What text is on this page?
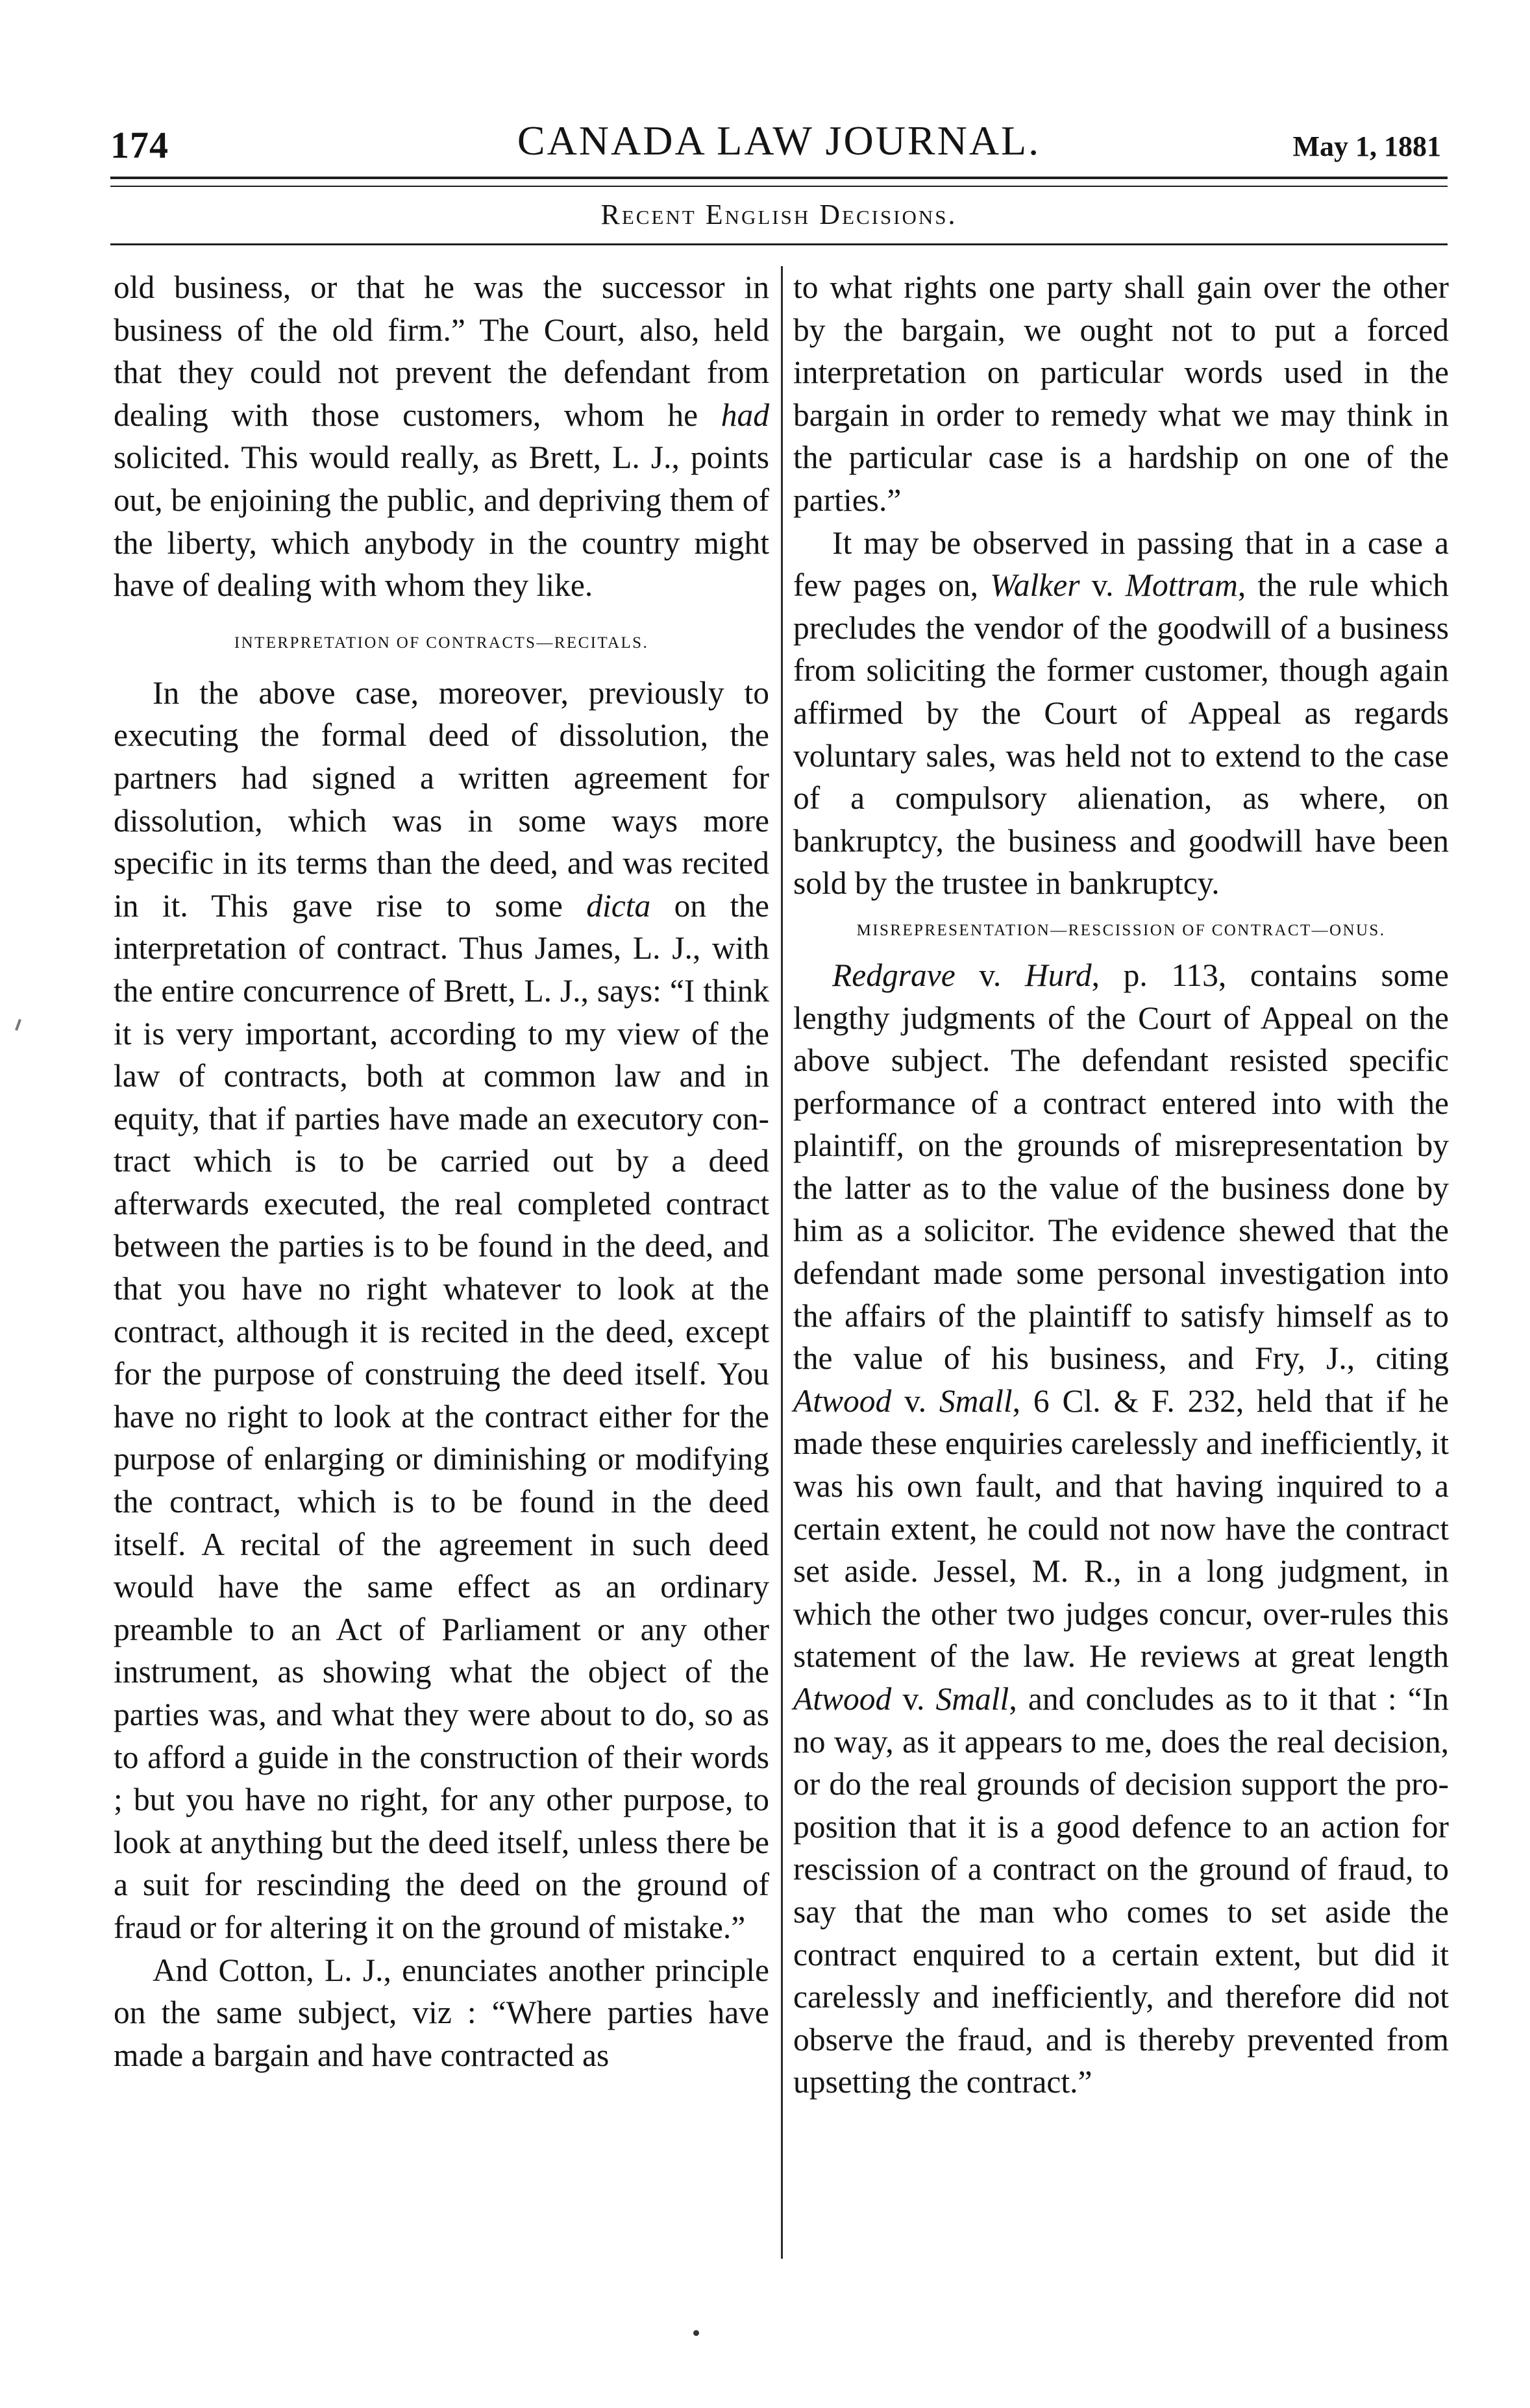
174	CANADA LAW JOURNAL.	May 1, 1881
Recent English Decisions.

old business, or that he was the successor in business of the old firm.” The Court, also, held that they could not prevent the defendant from dealing with those customers, whom he had solicited. This would really, as Brett, L. J., points out, be enjoining the public, and depriving them of the liberty, which anybody in the country might have of dealing with whom they like.

INTERPRETATION OF CONTRACTS—RECITALS.

In the above case, moreover, previously to executing the formal deed of dissolution, the partners had signed a written agreement for dissolution, which was in some ways more specific in its terms than the deed, and was recited in it. This gave rise to some dicta on the interpretation of contract. Thus James, L. J., with the entire concurrence of Brett, L. J., says: “I think it is very important, according to my view of the law of contracts, both at common law and in equity, that if parties have made an executory contract which is to be carried out by a deed afterwards executed, the real completed contract between the parties is to be found in the deed, and that you have no right whatever to look at the contract, although it is recited in the deed, except for the purpose of construing the deed itself. You have no right to look at the contract either for the purpose of enlarging or diminishing or modifying the contract, which is to be found in the deed itself. A recital of the agreement in such deed would have the same effect as an ordinary preamble to an Act of Parliament or any other instrument, as showing what the object of the parties was, and what they were about to do, so as to afford a guide in the construction of their words ; but you have no right, for any other purpose, to look at anything but the deed itself, unless there be a suit for rescinding the deed on the ground of fraud or for altering it on the ground of mistake.”

And Cotton, L. J., enunciates another principle on the same subject, viz : “Where parties have made a bargain and have contracted as

to what rights one party shall gain over the other by the bargain, we ought not to put a forced interpretation on particular words used in the bargain in order to remedy what we may think in the particular case is a hardship on one of the parties.”

It may be observed in passing that in a case a few pages on, Walker v. Mottram, the rule which precludes the vendor of the goodwill of a business from soliciting the former customer, though again affirmed by the Court of Appeal as regards voluntary sales, was held not to extend to the case of a compulsory alienation, as where, on bankruptcy, the business and goodwill have been sold by the trustee in bankruptcy.

MISREPRESENTATION—RESCISSION OF CONTRACT—ONUS.

Redgrave v. Hurd, p. 113, contains some lengthy judgments of the Court of Appeal on the above subject. The defendant resisted specific performance of a contract entered into with the plaintiff, on the grounds of misrepresentation by the latter as to the value of the business done by him as a solicitor. The evidence shewed that the defendant made some personal investigation into the affairs of the plaintiff to satisfy himself as to the value of his business, and Fry, J., citing Atwood v. Small, 6 Cl. & F. 232, held that if he made these enquiries carelessly and inefficiently, it was his own fault, and that having inquired to a certain extent, he could not now have the contract set aside. Jessel, M. R., in a long judgment, in which the other two judges concur, over-rules this statement of the law. He reviews at great length Atwood v. Small, and concludes as to it that : “In no way, as it appears to me, does the real decision, or do the real grounds of decision support the proposition that it is a good defence to an action for rescission of a contract on the ground of fraud, to say that the man who comes to set aside the contract enquired to a certain extent, but did it carelessly and inefficiently, and therefore did not observe the fraud, and is thereby prevented from upsetting the contract.”
